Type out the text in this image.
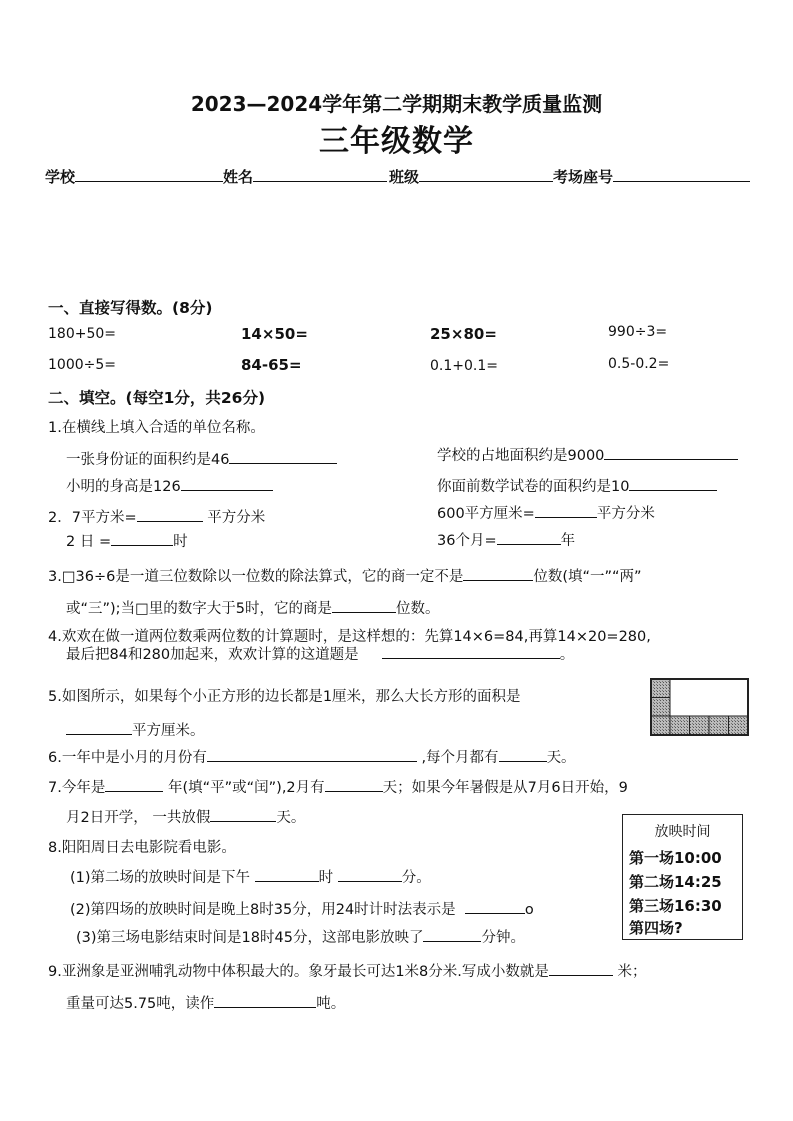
2023—2024学年第二学期期末教学质量监测
三年级数学
学校	姓名	班级	考场座号
一、直接写得数。(8分)
180+50=	14×50=	25×80=	990÷3=
1000÷5=	84-65=	0.1+0.1=	0.5-0.2=
二、填空。(每空1分，共26分)
1.在横线上填入合适的单位名称。
一张身份证的面积约是46	学校的占地面积约是9000
小明的身高是126	你面前数学试卷的面积约是10
2．7平方米=	平方分米	600平方厘米=	平方分米
2 日 =	时	36个月=	年
3.□36÷6是一道三位数除以一位数的除法算式，它的商一定不是	位数(填“一”“两”
或“三”);当□里的数字大于5时，它的商是	位数。
4.欢欢在做一道两位数乘两位数的计算题时，是这样想的：先算14×6=84,再算14×20=280,
最后把84和280加起来，欢欢计算的这道题是	。
5.如图所示，如果每个小正方形的边长都是1厘米，那么大长方形的面积是
平方厘米。
6.一年中是小月的月份有	,每个月都有	天。
7.今年是	年(填“平”或“闰”),2月有	天；如果今年暑假是从7月6日开始，9
月2日开学， 一共放假	天。
8.阳阳周日去电影院看电影。
(1)第二场的放映时间是下午	时	分。
(2)第四场的放映时间是晚上8时35分，用24时计时法表示是	o
(3)第三场电影结束时间是18时45分，这部电影放映了	分钟。
放映时间
第一场10:00
第二场14:25
第三场16:30
第四场?
9.亚洲象是亚洲哺乳动物中体积最大的。象牙最长可达1米8分米.写成小数就是	米；
重量可达5.75吨，读作	吨。
